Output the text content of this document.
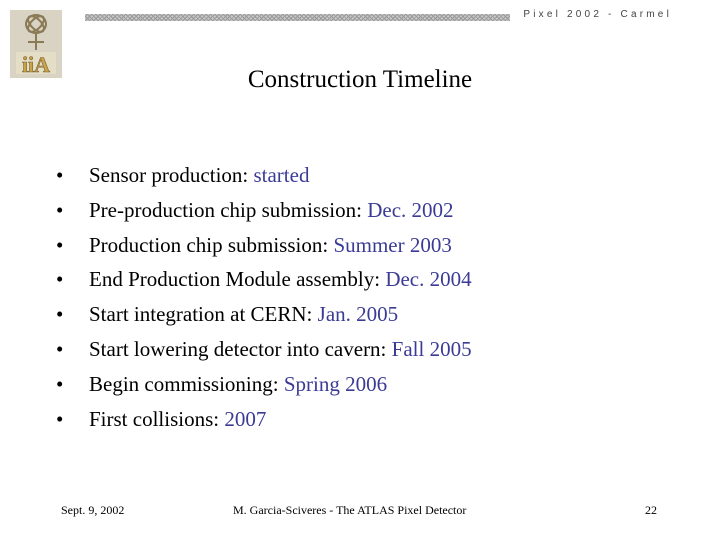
iiA
Pixel 2002 - Carmel
Construction Timeline
• Sensor production: started
• Pre-production chip submission: Dec. 2002
• Production chip submission: Summer 2003
• End Production Module assembly: Dec. 2004
• Start integration at CERN: Jan. 2005
• Start lowering detector into cavern: Fall 2005
• Begin commissioning: Spring 2006
• First collisions: 2007
Sept. 9, 2002	M. Garcia-Sciveres - The ATLAS Pixel Detector	22
